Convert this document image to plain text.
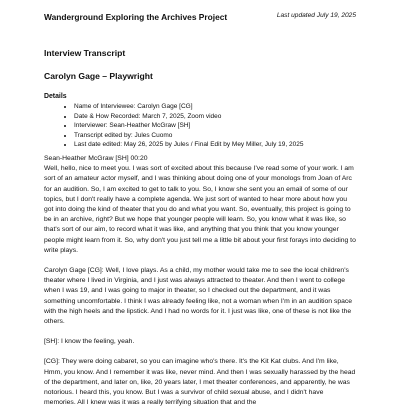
Wanderground Exploring the Archives Project	Last updated July 19, 2025
Interview Transcript
Carolyn Gage – Playwright
Details
• Name of Interviewee: Carolyn Gage [CG]
• Date & How Recorded: March 7, 2025, Zoom video
• Interviewer: Sean-Heather McGraw [SH]
• Transcript edited by: Jules Cuomo
• Last date edited: May 26, 2025 by Jules / Final Edit by Mey Miller, July 19, 2025

Sean-Heather McGraw [SH] 00:20

Well, hello, nice to meet you. I was sort of excited about this because I've read some of your work. I am sort of an amateur actor myself, and I was thinking about doing one of your monologs from Joan of Arc for an audition. So, I am excited to get to talk to you. So, I know she sent you an email of some of our topics, but I don't really have a complete agenda. We just sort of wanted to hear more about how you got into doing the kind of theater that you do and what you want. So, eventually, this project is going to be in an archive, right? But we hope that younger people will learn. So, you know what it was like, so that's sort of our aim, to record what it was like, and anything that you think that you know younger people might learn from it. So, why don't you just tell me a little bit about your first forays into deciding to write plays.

Carolyn Gage [CG]: Well, I love plays. As a child, my mother would take me to see the local children's theater where I lived in Virginia, and I just was always attracted to theater. And then I went to college when I was 19, and I was going to major in theater, so I checked out the department, and it was something uncomfortable. I think I was already feeling like, not a woman when I'm in an audition space with the high heels and the lipstick. And I had no words for it. I just was like, one of these is not like the others.

[SH]: I know the feeling, yeah.

[CG]: They were doing cabaret, so you can imagine who's there. It's the Kit Kat clubs. And I'm like, Hmm, you know. And I remember it was like, never mind. And then I was sexually harassed by the head of the department, and later on, like, 20 years later, I met theater conferences, and apparently, he was notorious. I heard this, you know. But I was a survivor of child sexual abuse, and I didn't have memories. All I knew was it was a really terrifying situation that and the
